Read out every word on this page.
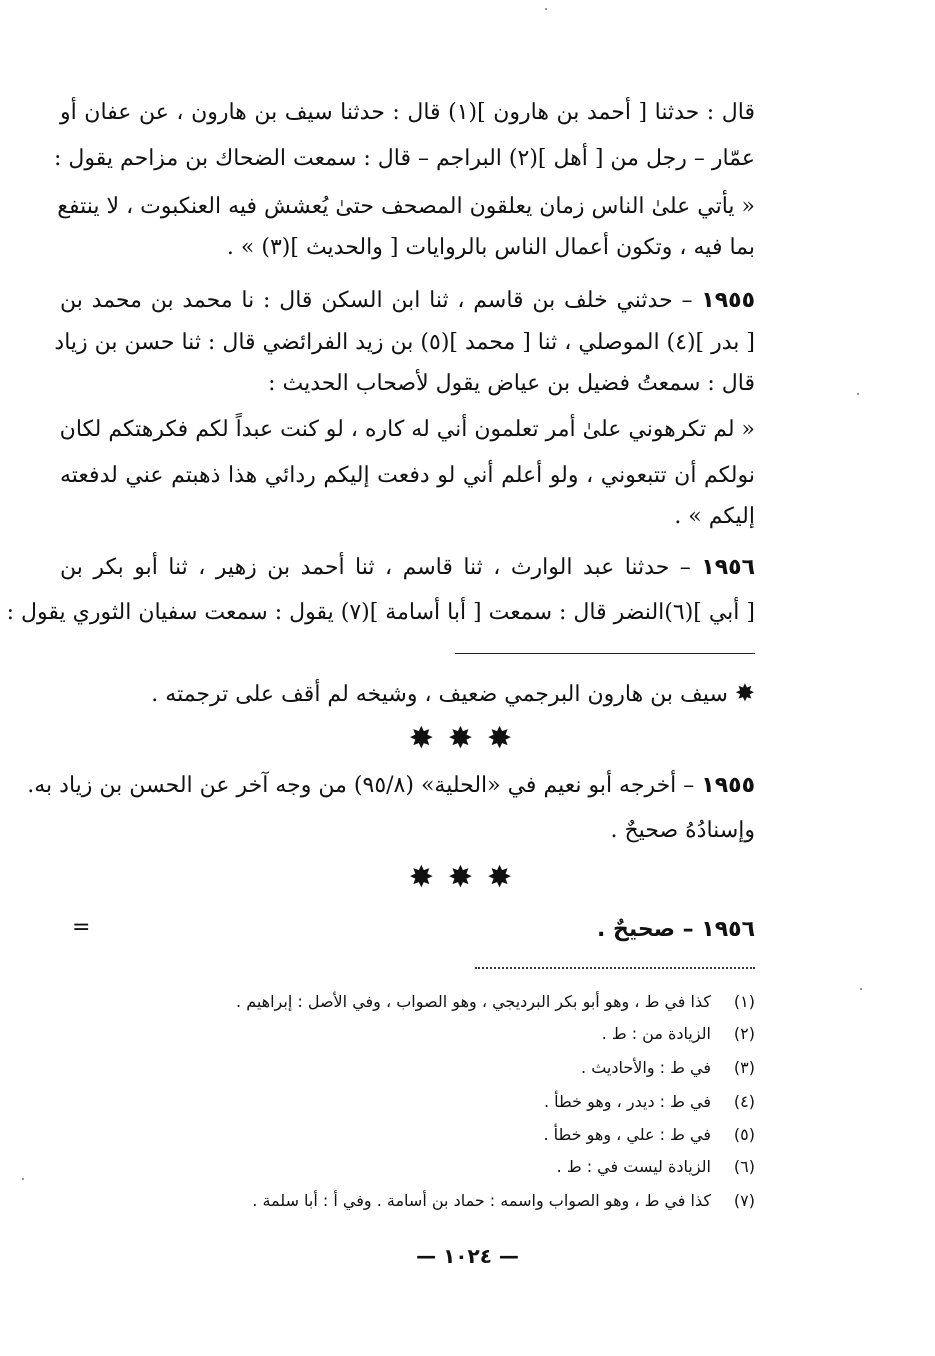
قال : حدثنا [ أحمد بن هارون ](١) قال : حدثنا سيف بن هارون ، عن عفان أو
عمّار – رجل من [ أهل ](٢) البراجم – قال : سمعت الضحاك بن مزاحم يقول :
« يأتي علىٰ الناس زمان يعلقون المصحف حتىٰ يُعشش فيه العنكبوت ، لا ينتفع
بما فيه ، وتكون أعمال الناس بالروايات [ والحديث ](٣) » .
١٩٥٥ – حدثني خلف بن قاسم ، ثنا ابن السكن قال : نا محمد بن محمد بن
[ بدر ](٤) الموصلي ، ثنا [ محمد ](٥) بن زيد الفرائضي قال : ثنا حسن بن زياد
قال : سمعتُ فضيل بن عياض يقول لأصحاب الحديث :
« لم تكرهوني علىٰ أمر تعلمون أني له كاره ، لو كنت عبداً لكم فكرهتكم لكان
نولكم أن تتبعوني ، ولو أعلم أني لو دفعت إليكم ردائي هذا ذهبتم عني لدفعته
إليكم » .
١٩٥٦ – حدثنا عبد الوارث ، ثنا قاسم ، ثنا أحمد بن زهير ، ثنا أبو بكر بن
[ أبي ](٦)النضر قال : سمعت [ أبا أسامة ](٧) يقول : سمعت سفيان الثوري يقول :
✸ سيف بن هارون البرجمي ضعيف ، وشيخه لم أقف على ترجمته .
✸✸✸
١٩٥٥ – أخرجه أبو نعيم في «الحلية» (٩٥/٨) من وجه آخر عن الحسن بن زياد به.
وإسنادُهُ صحيحٌ .
✸✸✸
١٩٥٦ – صحيحٌ .
=
(١)كذا في ط ، وهو أبو بكر البرديجي ، وهو الصواب ، وفي الأصل : إبراهيم .
(٢)الزيادة من : ط .
(٣)في ط : والأحاديث .
(٤)في ط : ديدر ، وهو خطأ .
(٥)في ط : علي ، وهو خطأ .
(٦)الزيادة ليست في : ط .
(٧)كذا في ط ، وهو الصواب واسمه : حماد بن أسامة . وفي أ : أبا سلمة .
— ١٠٢٤ —
